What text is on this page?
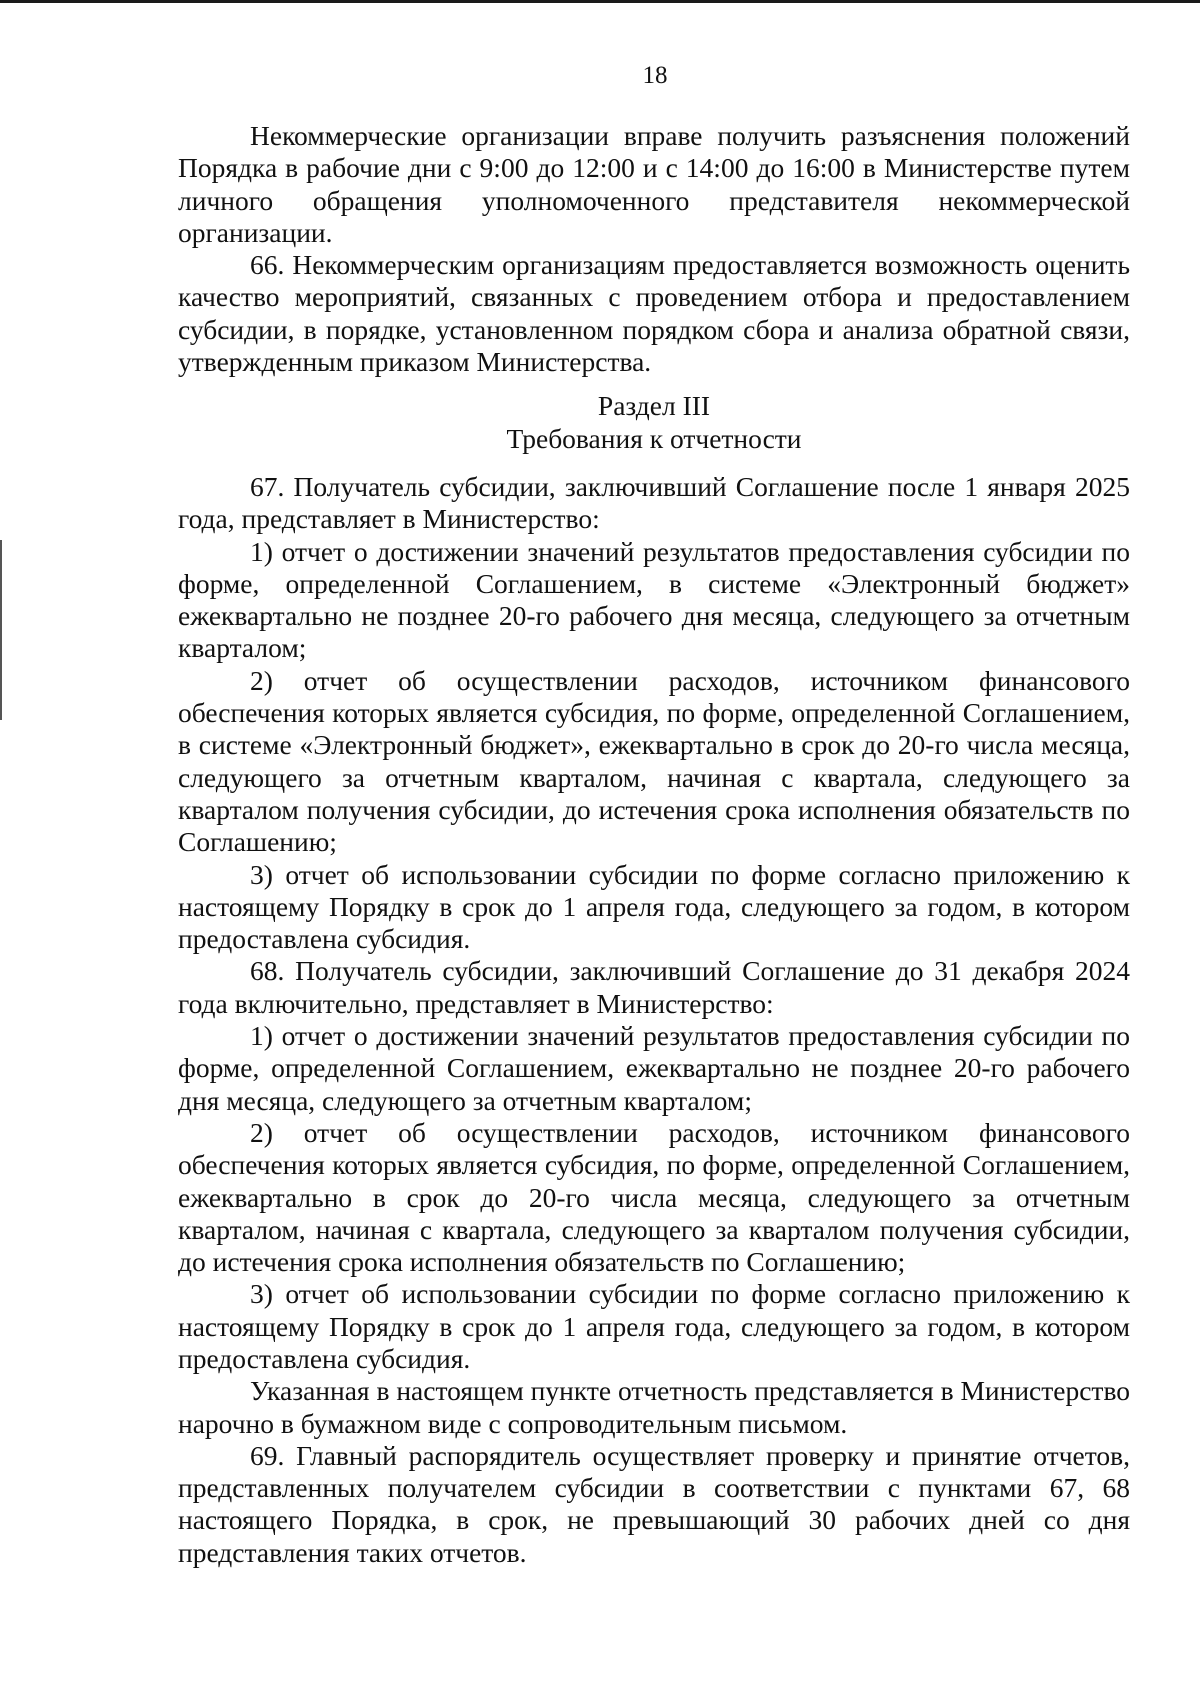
18

Некоммерческие организации вправе получить разъяснения положений Порядка в рабочие дни с 9:00 до 12:00 и с 14:00 до 16:00 в Министерстве путем личного обращения уполномоченного представителя некоммерческой организации.

66. Некоммерческим организациям предоставляется возможность оценить качество мероприятий, связанных с проведением отбора и предоставлением субсидии, в порядке, установленном порядком сбора и анализа обратной связи, утвержденным приказом Министерства.

Раздел III

Требования к отчетности

67. Получатель субсидии, заключивший Соглашение после 1 января 2025 года, представляет в Министерство:

1) отчет о достижении значений результатов предоставления субсидии по форме, определенной Соглашением, в системе «Электронный бюджет» ежеквартально не позднее 20-го рабочего дня месяца, следующего за отчетным кварталом;

2) отчет об осуществлении расходов, источником финансового обеспечения которых является субсидия, по форме, определенной Соглашением, в системе «Электронный бюджет», ежеквартально в срок до 20-го числа месяца, следующего за отчетным кварталом, начиная с квартала, следующего за кварталом получения субсидии, до истечения срока исполнения обязательств по Соглашению;

3) отчет об использовании субсидии по форме согласно приложению к настоящему Порядку в срок до 1 апреля года, следующего за годом, в котором предоставлена субсидия.

68. Получатель субсидии, заключивший Соглашение до 31 декабря 2024 года включительно, представляет в Министерство:

1) отчет о достижении значений результатов предоставления субсидии по форме, определенной Соглашением, ежеквартально не позднее 20-го рабочего дня месяца, следующего за отчетным кварталом;

2) отчет об осуществлении расходов, источником финансового обеспечения которых является субсидия, по форме, определенной Соглашением, ежеквартально в срок до 20-го числа месяца, следующего за отчетным кварталом, начиная с квартала, следующего за кварталом получения субсидии, до истечения срока исполнения обязательств по Соглашению;

3) отчет об использовании субсидии по форме согласно приложению к настоящему Порядку в срок до 1 апреля года, следующего за годом, в котором предоставлена субсидия.

Указанная в настоящем пункте отчетность представляется в Министерство нарочно в бумажном виде с сопроводительным письмом.

69. Главный распорядитель осуществляет проверку и принятие отчетов, представленных получателем субсидии в соответствии с пунктами 67, 68 настоящего Порядка, в срок, не превышающий 30 рабочих дней со дня представления таких отчетов.
